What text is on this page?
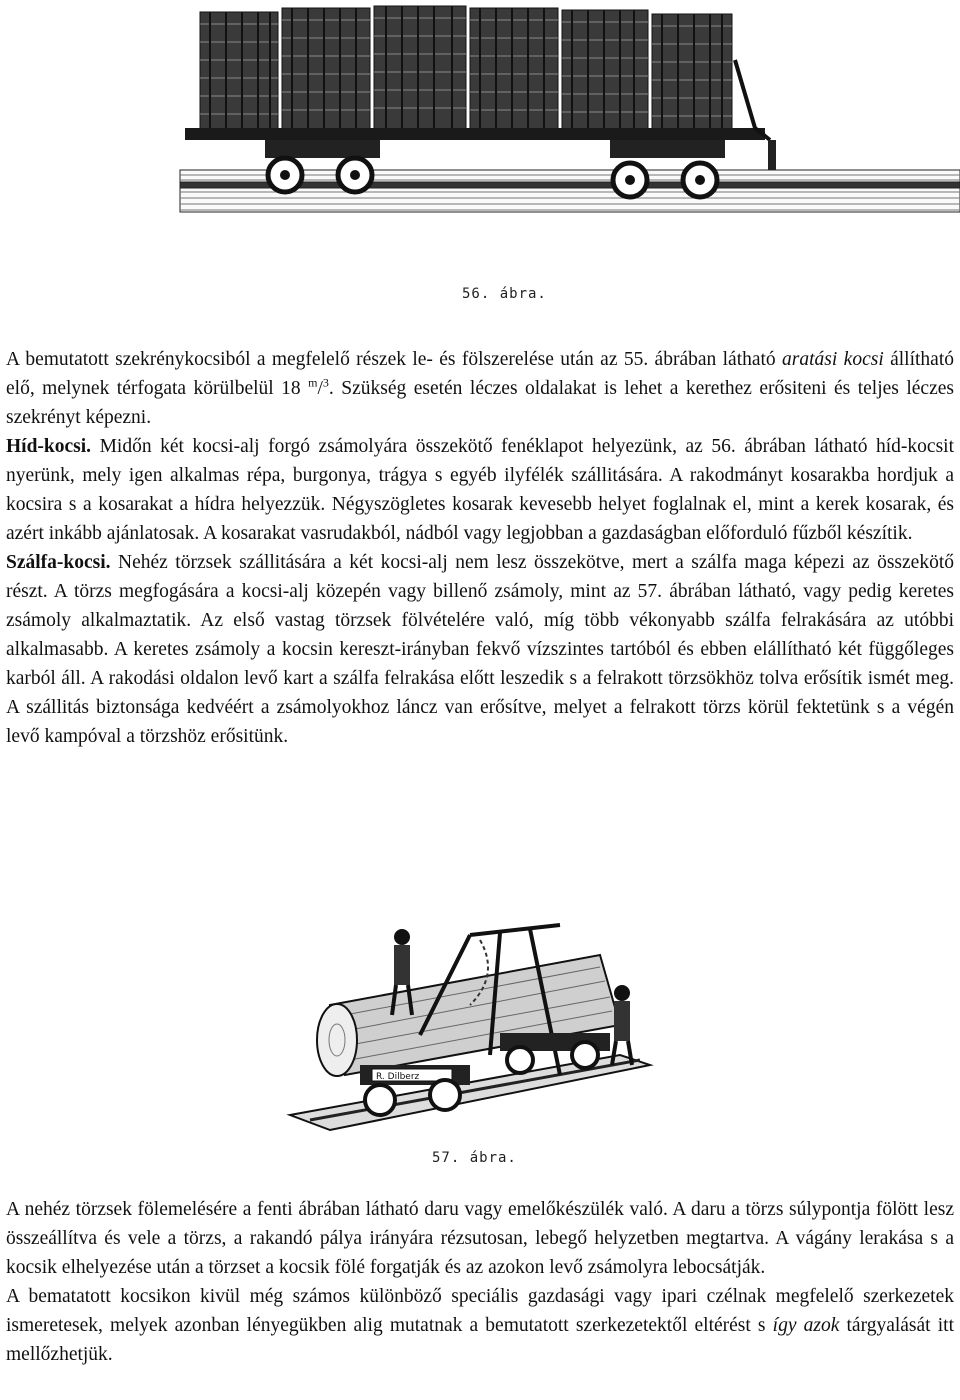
56. ábra.

A bemutatott szekrénykocsiból a megfelelő részek le- és fölszerelése után az 55. ábrában látható aratási kocsi állítható elő, melynek térfogata körülbelül 18 $^m$/$^3$. Szükség esetén léczes oldalakat is lehet a kerethez erősiteni és teljes léczes szekrényt képezni.

Híd-kocsi. Midőn két kocsi-alj forgó zsámolyára összekötő fenéklapot helyezünk, az 56. ábrában látható híd-kocsit nyerünk, mely igen alkalmas répa, burgonya, trágya s egyéb ilyfélék szállitására. A rakodmányt kosarakba hordjuk a kocsira s a kosarakat a hídra helyezzük. Négyszögletes kosarak kevesebb helyet foglalnak el, mint a kerek kosarak, és azért inkább ajánlatosak. A kosarakat vasrudakból, nádból vagy legjobban a gazdaságban előforduló fűzből készítik.

Szálfa-kocsi. Nehéz törzsek szállitására a két kocsi-alj nem lesz összekötve, mert a szálfa maga képezi az összekötő részt. A törzs megfogására a kocsi-alj közepén vagy billenő zsámoly, mint az 57. ábrában látható, vagy pedig keretes zsámoly alkalmaztatik. Az első vastag törzsek fölvételére való, míg több vékonyabb szálfa felrakására az utóbbi alkalmasabb. A keretes zsámoly a kocsin kereszt-irányban fekvő vízszintes tartóból és ebben elállítható két függőleges karból áll. A rakodási oldalon levő kart a szálfa felrakása előtt leszedik s a felrakott törzsökhöz tolva erősítik ismét meg. A szállitás biztonsága kedvéért a zsámolyokhoz láncz van erősítve, melyet a felrakott törzs körül fektetünk s a végén levő kampóval a törzshöz erősitünk.

R. Dilberz
57. ábra.

A nehéz törzsek fölemelésére a fenti ábrában látható daru vagy emelőkészülék való. A daru a törzs súlypontja fölött lesz összeállítva és vele a törzs, a rakandó pálya irányára rézsutosan, lebegő helyzetben megtartva. A vágány lerakása s a kocsik elhelyezése után a törzset a kocsik fölé forgatják és az azokon levő zsámolyra lebocsátják.

A bematatott kocsikon kivül még számos különböző speciális gazdasági vagy ipari czélnak megfelelő szerkezetek ismeretesek, melyek azonban lényegükben alig mutatnak a bemutatott szerkezetektől eltérést s így azok tárgyalását itt mellőzhetjük.
